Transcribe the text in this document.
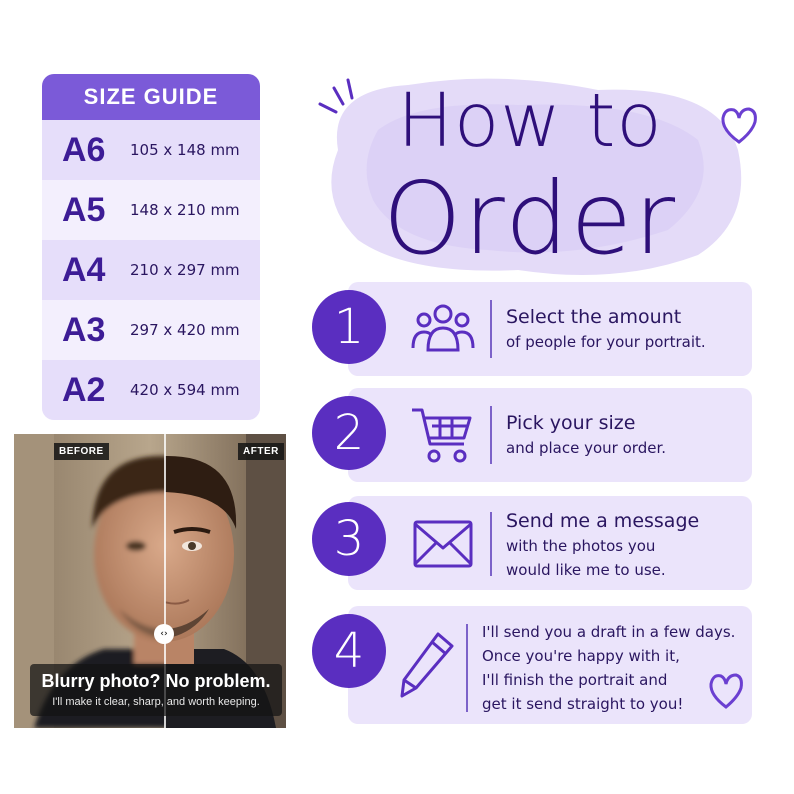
SIZE GUIDE
A6	105 x 148 mm
A5	148 x 210 mm
A4	210 x 297 mm
A3	297 x 420 mm
A2	420 x 594 mm
‹›
BEFORE	AFTER
Blurry photo? No problem.
I'll make it clear, sharp, and worth keeping.
How to
Order
1	Select the amount
of people for your portrait.
2	Pick your size
and place your order.
3	Send me a message
with the photos you
would like me to use.
4	I'll send you a draft in a few days.
Once you're happy with it,
I'll finish the portrait and
get it send straight to you!
